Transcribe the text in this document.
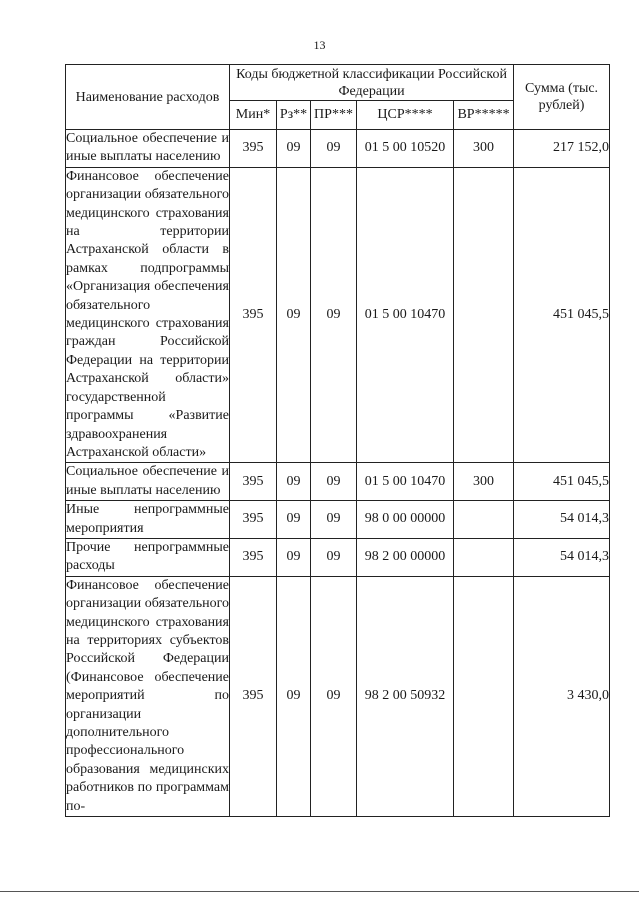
13
Наименование расходов	Коды бюджетной классификации Российской Федерации					Сумма (тыс. рублей)
	Мин*	Рз**	ПР***	ЦСР****	ВР*****	
Социальное обеспечение и иные выплаты населению	395	09	09	01 5 00 10520	300	217 152,0
Финансовое обеспечение организации обязательного медицинского страхования на территории Астраханской области в рамках подпрограммы «Организация обеспечения обязательного медицинского страхования граждан Российской Федерации на территории Астраханской области» государственной программы «Развитие здравоохранения Астраханской области»	395	09	09	01 5 00 10470		451 045,5
Социальное обеспечение и иные выплаты населению	395	09	09	01 5 00 10470	300	451 045,5
Иные непрограммные мероприятия	395	09	09	98 0 00 00000		54 014,3
Прочие непрограммные расходы	395	09	09	98 2 00 00000		54 014,3
Финансовое обеспечение организации обязательного медицинского страхования на территориях субъектов Российской Федерации (Финансовое обеспечение мероприятий по организации дополнительного профессионального образования медицинских работников по программам по-	395	09	09	98 2 00 50932		3 430,0
